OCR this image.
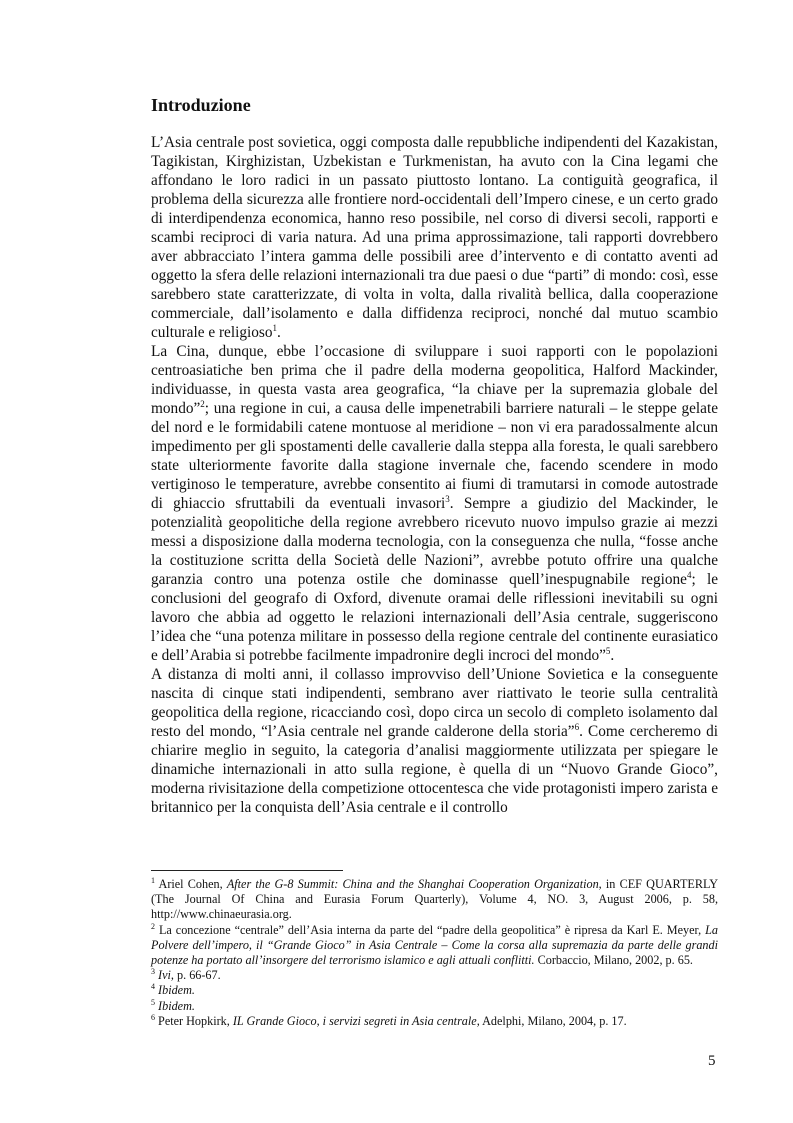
Introduzione

L’Asia centrale post sovietica, oggi composta dalle repubbliche indipendenti del Kazakistan, Tagikistan, Kirghizistan, Uzbekistan e Turkmenistan, ha avuto con la Cina legami che affondano le loro radici in un passato piuttosto lontano. La contiguità geografica, il problema della sicurezza alle frontiere nord-occidentali dell’Impero cinese, e un certo grado di interdipendenza economica, hanno reso possibile, nel corso di diversi secoli, rapporti e scambi reciproci di varia natura. Ad una prima approssimazione, tali rapporti dovrebbero aver abbracciato l’intera gamma delle possibili aree d’intervento e di contatto aventi ad oggetto la sfera delle relazioni internazionali tra due paesi o due “parti” di mondo: così, esse sarebbero state caratterizzate, di volta in volta, dalla rivalità bellica, dalla cooperazione commerciale, dall’isolamento e dalla diffidenza reciproci, nonché dal mutuo scambio culturale e religioso$^1$.

La Cina, dunque, ebbe l’occasione di sviluppare i suoi rapporti con le popolazioni centroasiatiche ben prima che il padre della moderna geopolitica, Halford Mackinder, individuasse, in questa vasta area geografica, “la chiave per la supremazia globale del mondo”$^2$; una regione in cui, a causa delle impenetrabili barriere naturali – le steppe gelate del nord e le formidabili catene montuose al meridione – non vi era paradossalmente alcun impedimento per gli spostamenti delle cavallerie dalla steppa alla foresta, le quali sarebbero state ulteriormente favorite dalla stagione invernale che, facendo scendere in modo vertiginoso le temperature, avrebbe consentito ai fiumi di tramutarsi in comode autostrade di ghiaccio sfruttabili da eventuali invasori$^3$. Sempre a giudizio del Mackinder, le potenzialità geopolitiche della regione avrebbero ricevuto nuovo impulso grazie ai mezzi messi a disposizione dalla moderna tecnologia, con la conseguenza che nulla, “fosse anche la costituzione scritta della Società delle Nazioni”, avrebbe potuto offrire una qualche garanzia contro una potenza ostile che dominasse quell’inespugnabile regione$^4$; le conclusioni del geografo di Oxford, divenute oramai delle riflessioni inevitabili su ogni lavoro che abbia ad oggetto le relazioni internazionali dell’Asia centrale, suggeriscono l’idea che “una potenza militare in possesso della regione centrale del continente eurasiatico e dell’Arabia si potrebbe facilmente impadronire degli incroci del mondo”$^5$.

A distanza di molti anni, il collasso improvviso dell’Unione Sovietica e la conseguente nascita di cinque stati indipendenti, sembrano aver riattivato le teorie sulla centralità geopolitica della regione, ricacciando così, dopo circa un secolo di completo isolamento dal resto del mondo, “l’Asia centrale nel grande calderone della storia”$^6$. Come cercheremo di chiarire meglio in seguito, la categoria d’analisi maggiormente utilizzata per spiegare le dinamiche internazionali in atto sulla regione, è quella di un “Nuovo Grande Gioco”, moderna rivisitazione della competizione ottocentesca che vide protagonisti impero zarista e britannico per la conquista dell’Asia centrale e il controllo

$^1$ Ariel Cohen, After the G-8 Summit: China and the Shanghai Cooperation Organization, in CEF QUARTERLY (The Journal Of China and Eurasia Forum Quarterly), Volume 4, NO. 3, August 2006, p. 58, http://www.chinaeurasia.org.

$^2$ La concezione “centrale” dell’Asia interna da parte del “padre della geopolitica” è ripresa da Karl E. Meyer, La Polvere dell’impero, il “Grande Gioco” in Asia Centrale – Come la corsa alla supremazia da parte delle grandi potenze ha portato all’insorgere del terrorismo islamico e agli attuali conflitti. Corbaccio, Milano, 2002, p. 65.

$^3$ Ivi, p. 66-67.

$^4$ Ibidem.

$^5$ Ibidem.

$^6$ Peter Hopkirk, IL Grande Gioco, i servizi segreti in Asia centrale, Adelphi, Milano, 2004, p. 17.

5
